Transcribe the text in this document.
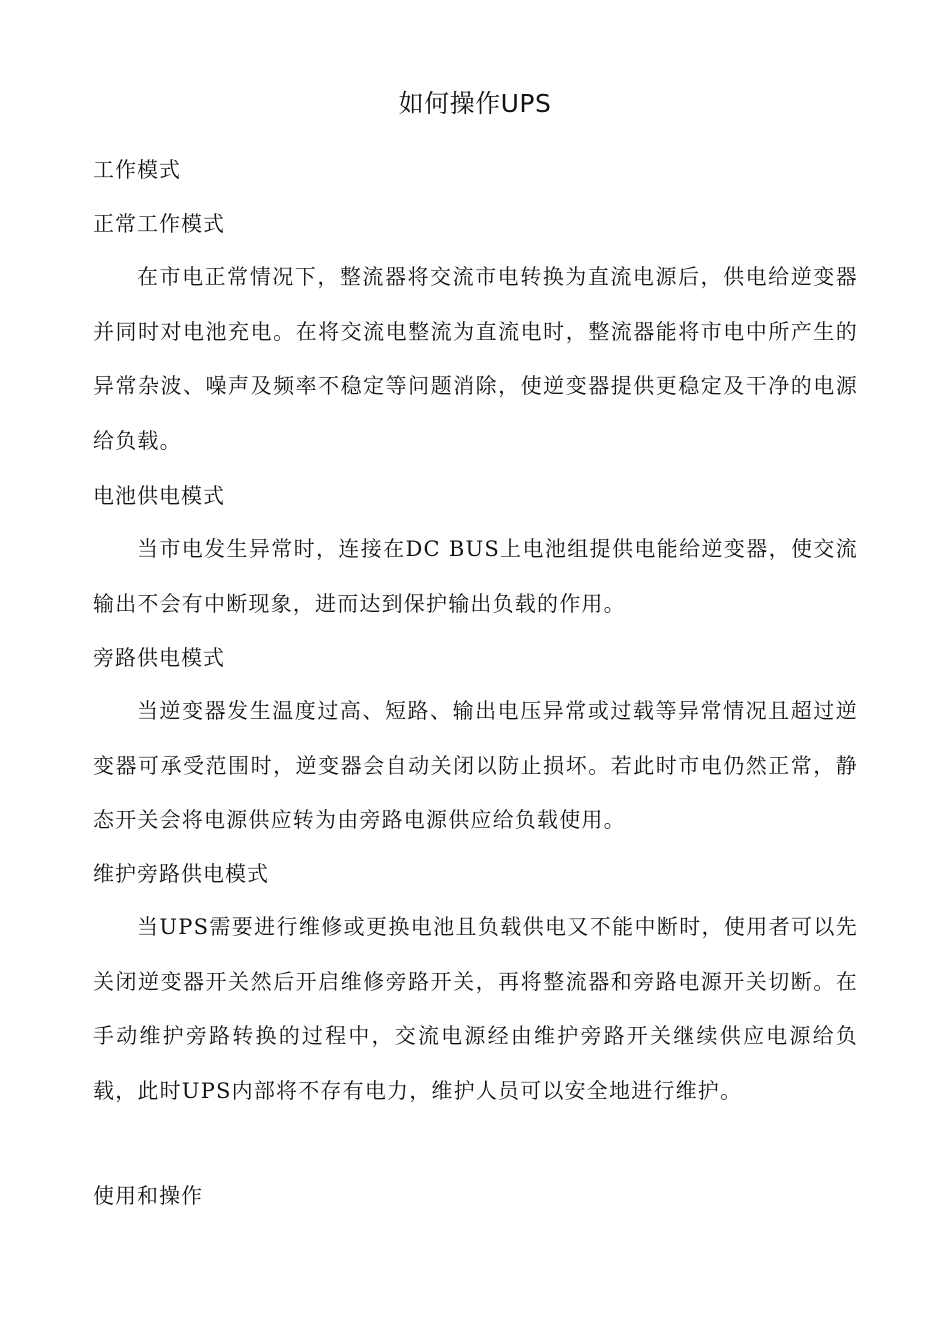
如何操作UPS
工作模式
正常工作模式

在市电正常情况下，整流器将交流市电转换为直流电源后，供电给逆变器并同时对电池充电。在将交流电整流为直流电时，整流器能将市电中所产生的异常杂波、噪声及频率不稳定等问题消除，使逆变器提供更稳定及干净的电源给负载。

电池供电模式

当市电发生异常时，连接在DC BUS上电池组提供电能给逆变器，使交流输出不会有中断现象，进而达到保护输出负载的作用。

旁路供电模式

当逆变器发生温度过高、短路、输出电压异常或过载等异常情况且超过逆变器可承受范围时，逆变器会自动关闭以防止损坏。若此时市电仍然正常，静态开关会将电源供应转为由旁路电源供应给负载使用。

维护旁路供电模式

当UPS需要进行维修或更换电池且负载供电又不能中断时，使用者可以先关闭逆变器开关然后开启维修旁路开关，再将整流器和旁路电源开关切断。在手动维护旁路转换的过程中，交流电源经由维护旁路开关继续供应电源给负载，此时UPS内部将不存有电力，维护人员可以安全地进行维护。

使用和操作
